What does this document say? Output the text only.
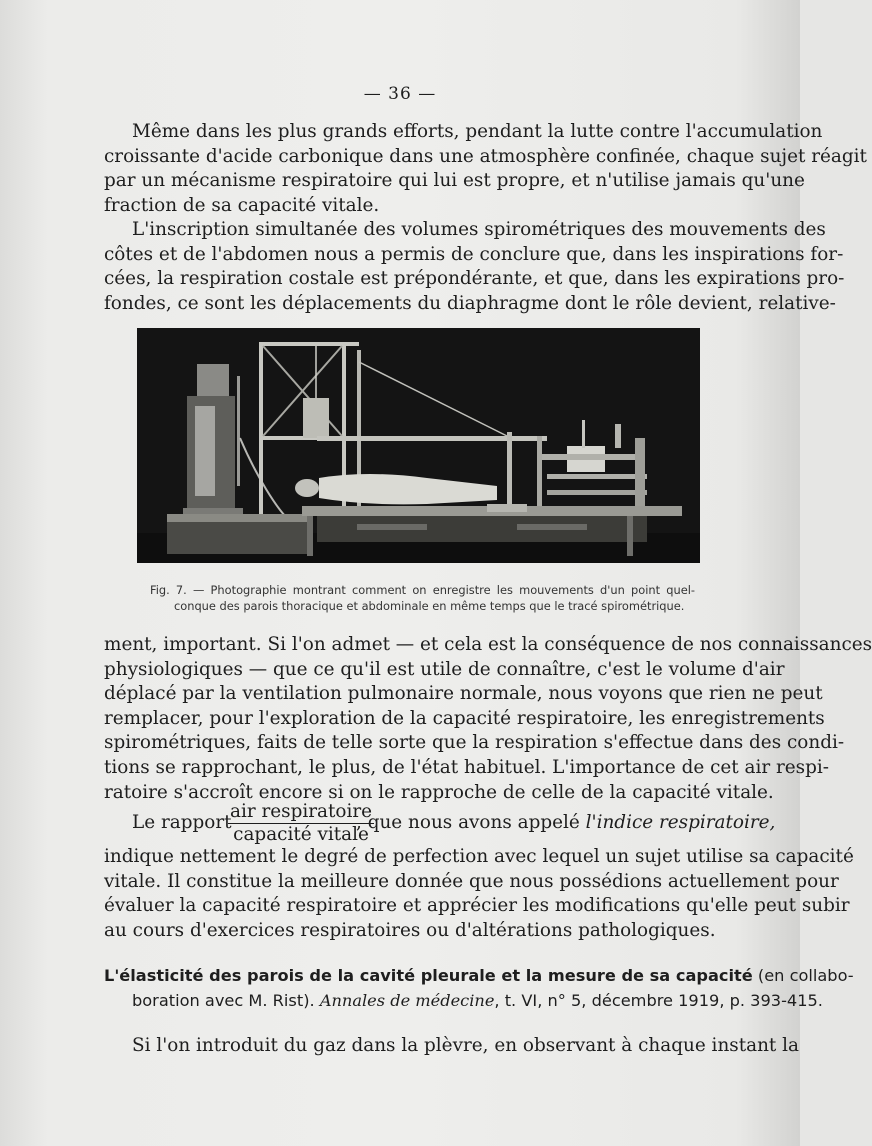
— 36 —
Même dans les plus grands efforts, pendant la lutte contre l'accumulation
croissante d'acide carbonique dans une atmosphère confinée, chaque sujet réagit
par un mécanisme respiratoire qui lui est propre, et n'utilise jamais qu'une
fraction de sa capacité vitale.
L'inscription simultanée des volumes spirométriques des mouvements des
côtes et de l'abdomen nous a permis de conclure que, dans les inspirations for-
cées, la respiration costale est prépondérante, et que, dans les expirations pro-
fondes, ce sont les déplacements du diaphragme dont le rôle devient, relative-
Fig. 7. — Photographie montrant comment on enregistre les mouvements d'un point quel-
conque des parois thoracique et abdominale en même temps que le tracé spirométrique.
ment, important. Si l'on admet — et cela est la conséquence de nos connaissances
physiologiques — que ce qu'il est utile de connaître, c'est le volume d'air
déplacé par la ventilation pulmonaire normale, nous voyons que rien ne peut
remplacer, pour l'exploration de la capacité respiratoire, les enregistrements
spirométriques, faits de telle sorte que la respiration s'effectue dans des condi-
tions se rapprochant, le plus, de l'état habituel. L'importance de cet air respi-
ratoire s'accroît encore si on le rapproche de celle de la capacité vitale.
Le rapport
air respiratoire
capacité vitale
, que nous avons appelé l'indice respiratoire,
indique nettement le degré de perfection avec lequel un sujet utilise sa capacité
vitale. Il constitue la meilleure donnée que nous possédions actuellement pour
évaluer la capacité respiratoire et apprécier les modifications qu'elle peut subir
au cours d'exercices respiratoires ou d'altérations pathologiques.
L'élasticité des parois de la cavité pleurale et la mesure de sa capacité (en collabo-
boration avec M. Rist). Annales de médecine, t. VI, n° 5, décembre 1919, p. 393-415.
Si l'on introduit du gaz dans la plèvre, en observant à chaque instant la
